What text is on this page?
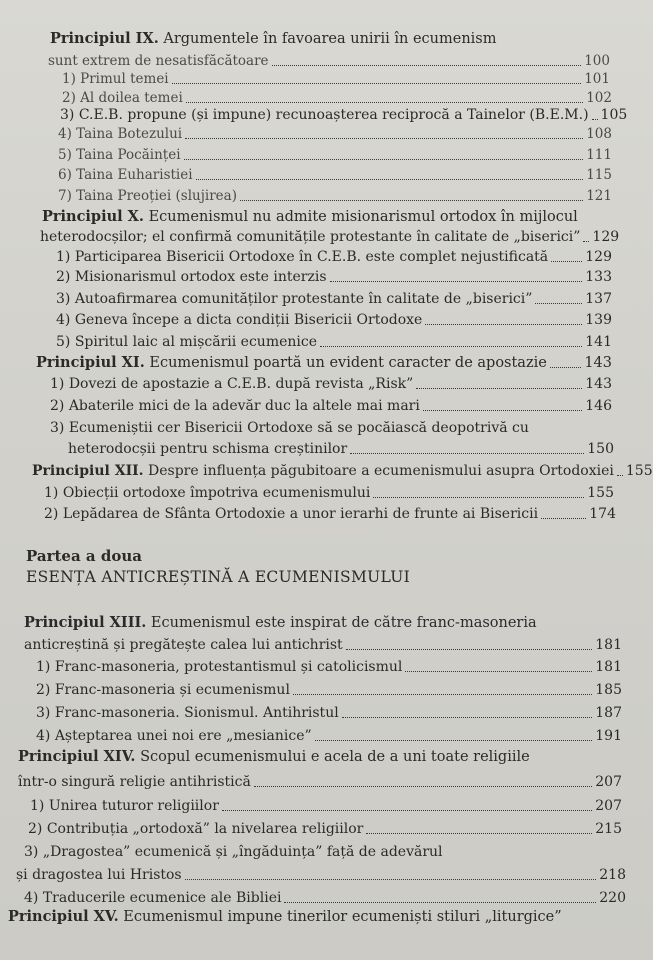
Principiul IX. Argumentele în favoarea unirii în ecumenism
sunt extrem de nesatisfăcătoare	100
1) Primul temei	101
2) Al doilea temei	102
3) C.E.B. propune (și impune) recunoașterea reciprocă a Tainelor (B.E.M.) 105
4) Taina Botezului	108
5) Taina Pocăinței	111
6) Taina Euharistiei	115
7) Taina Preoției (slujirea)	121
Principiul X. Ecumenismul nu admite misionarismul ortodox în mijlocul
heterodocșilor; el confirmă comunitățile protestante în calitate de „biserici” 129
1) Participarea Bisericii Ortodoxe în C.E.B. este complet nejustificată	129
2) Misionarismul ortodox este interzis	133
3) Autoafirmarea comunităților protestante în calitate de „biserici”	137
4) Geneva începe a dicta condiții Bisericii Ortodoxe	139
5) Spiritul laic al mișcării ecumenice	141
Principiul XI. Ecumenismul poartă un evident caracter de apostazie	143
1) Dovezi de apostazie a C.E.B. după revista „Risk”	143
2) Abaterile mici de la adevăr duc la altele mai mari	146
3) Ecumeniștii cer Bisericii Ortodoxe să se pocăiască deopotrivă cu
heterodocșii pentru schisma creștinilor	150
Principiul XII. Despre influența păgubitoare a ecumenismului asupra Ortodoxiei 155
1) Obiecții ortodoxe împotriva ecumenismului	155
2) Lepădarea de Sfânta Ortodoxie a unor ierarhi de frunte ai Bisericii	174
Partea a doua
ESENȚA ANTICREȘTINĂ A ECUMENISMULUI
Principiul XIII. Ecumenismul este inspirat de către franc-masoneria
anticreștină și pregătește calea lui antichrist	181
1) Franc-masoneria, protestantismul și catolicismul	181
2) Franc-masoneria și ecumenismul	185
3) Franc-masoneria. Sionismul. Antihristul	187
4) Așteptarea unei noi ere „mesianice”	191
Principiul XIV. Scopul ecumenismului e acela de a uni toate religiile
într-o singură religie antihristică	207
1) Unirea tuturor religiilor	207
2) Contribuția „ortodoxă” la nivelarea religiilor	215
3) „Dragostea” ecumenică și „îngăduința” față de adevărul
și dragostea lui Hristos	218
4) Traducerile ecumenice ale Bibliei	220
Principiul XV. Ecumenismul impune tinerilor ecumeniști stiluri „liturgice”
